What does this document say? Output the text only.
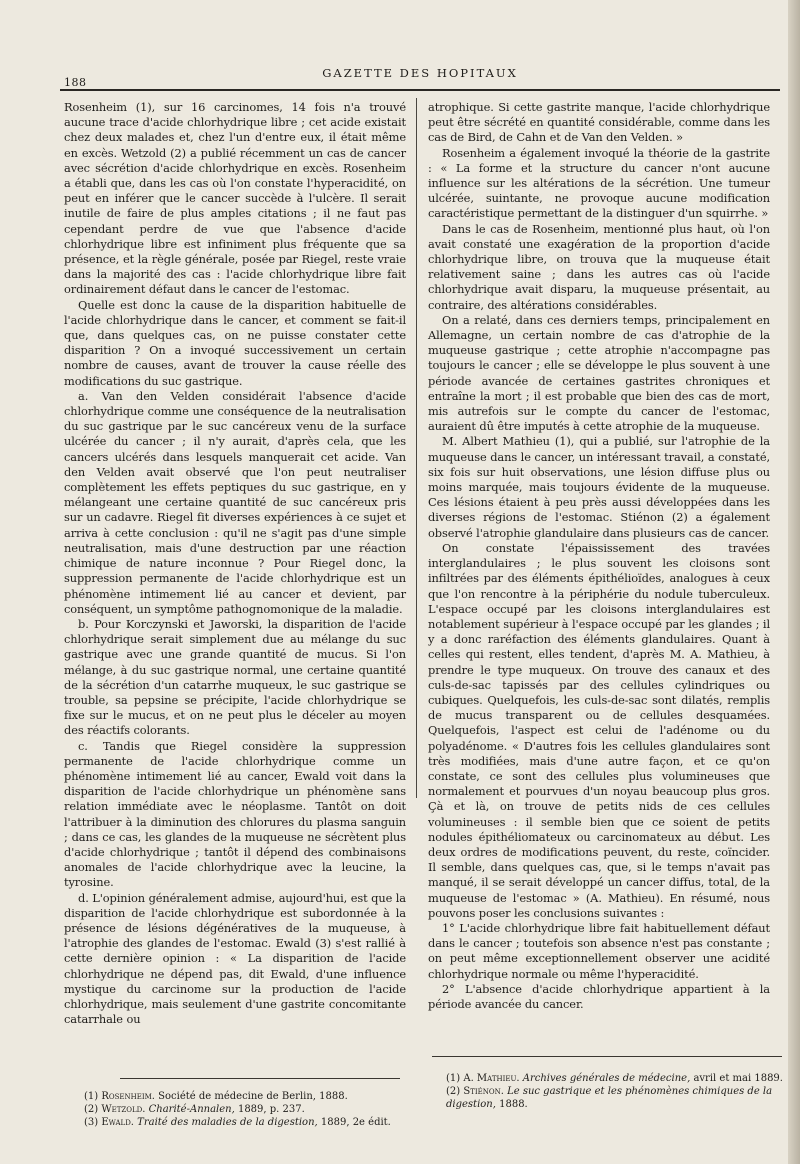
188
GAZETTE DES HOPITAUX

Rosenheim (1), sur 16 carcinomes, 14 fois n'a trouvé aucune trace d'acide chlorhydrique libre ; cet acide existait chez deux malades et, chez l'un d'entre eux, il était même en excès. Wetzold (2) a publié récemment un cas de cancer avec sécrétion d'acide chlorhydrique en excès. Rosenheim a établi que, dans les cas où l'on constate l'hyperacidité, on peut en inférer que le cancer succède à l'ulcère. Il serait inutile de faire de plus amples citations ; il ne faut pas cependant perdre de vue que l'absence d'acide chlorhydrique libre est infiniment plus fréquente que sa présence, et la règle générale, posée par Riegel, reste vraie dans la majorité des cas : l'acide chlorhydrique libre fait ordinairement défaut dans le cancer de l'estomac.

Quelle est donc la cause de la disparition habituelle de l'acide chlorhydrique dans le cancer, et comment se fait-il que, dans quelques cas, on ne puisse constater cette disparition ? On a invoqué successivement un certain nombre de causes, avant de trouver la cause réelle des modifications du suc gastrique.

a. Van den Velden considérait l'absence d'acide chlorhydrique comme une conséquence de la neutralisation du suc gastrique par le suc cancéreux venu de la surface ulcérée du cancer ; il n'y aurait, d'après cela, que les cancers ulcérés dans lesquels manquerait cet acide. Van den Velden avait observé que l'on peut neutraliser complètement les effets peptiques du suc gastrique, en y mélangeant une certaine quantité de suc cancéreux pris sur un cadavre. Riegel fit diverses expériences à ce sujet et arriva à cette conclusion : qu'il ne s'agit pas d'une simple neutralisation, mais d'une destruction par une réaction chimique de nature inconnue ? Pour Riegel donc, la suppression permanente de l'acide chlorhydrique est un phénomène intimement lié au cancer et devient, par conséquent, un symptôme pathognomonique de la maladie.

b. Pour Korczynski et Jaworski, la disparition de l'acide chlorhydrique serait simplement due au mélange du suc gastrique avec une grande quantité de mucus. Si l'on mélange, à du suc gastrique normal, une certaine quantité de la sécrétion d'un catarrhe muqueux, le suc gastrique se trouble, sa pepsine se précipite, l'acide chlorhydrique se fixe sur le mucus, et on ne peut plus le déceler au moyen des réactifs colorants.

c. Tandis que Riegel considère la suppression permanente de l'acide chlorhydrique comme un phénomène intimement lié au cancer, Ewald voit dans la disparition de l'acide chlorhydrique un phénomène sans relation immédiate avec le néoplasme. Tantôt on doit l'attribuer à la diminution des chlorures du plasma sanguin ; dans ce cas, les glandes de la muqueuse ne sécrètent plus d'acide chlorhydrique ; tantôt il dépend des combinaisons anomales de l'acide chlorhydrique avec la leucine, la tyrosine.

d. L'opinion généralement admise, aujourd'hui, est que la disparition de l'acide chlorhydrique est subordonnée à la présence de lésions dégénératives de la muqueuse, à l'atrophie des glandes de l'estomac. Ewald (3) s'est rallié à cette dernière opinion : « La disparition de l'acide chlorhydrique ne dépend pas, dit Ewald, d'une influence mystique du carcinome sur la production de l'acide chlorhydrique, mais seulement d'une gastrite concomitante catarrhale ou

atrophique. Si cette gastrite manque, l'acide chlorhydrique peut être sécrété en quantité considérable, comme dans les cas de Bird, de Cahn et de Van den Velden. »

Rosenheim a également invoqué la théorie de la gastrite : « La forme et la structure du cancer n'ont aucune influence sur les altérations de la sécrétion. Une tumeur ulcérée, suintante, ne provoque aucune modification caractéristique permettant de la distinguer d'un squirrhe. »

Dans le cas de Rosenheim, mentionné plus haut, où l'on avait constaté une exagération de la proportion d'acide chlorhydrique libre, on trouva que la muqueuse était relativement saine ; dans les autres cas où l'acide chlorhydrique avait disparu, la muqueuse présentait, au contraire, des altérations considérables.

On a relaté, dans ces derniers temps, principalement en Allemagne, un certain nombre de cas d'atrophie de la muqueuse gastrique ; cette atrophie n'accompagne pas toujours le cancer ; elle se développe le plus souvent à une période avancée de certaines gastrites chroniques et entraîne la mort ; il est probable que bien des cas de mort, mis autrefois sur le compte du cancer de l'estomac, auraient dû être imputés à cette atrophie de la muqueuse.

M. Albert Mathieu (1), qui a publié, sur l'atrophie de la muqueuse dans le cancer, un intéressant travail, a constaté, six fois sur huit observations, une lésion diffuse plus ou moins marquée, mais toujours évidente de la muqueuse. Ces lésions étaient à peu près aussi développées dans les diverses régions de l'estomac. Stiénon (2) a également observé l'atrophie glandulaire dans plusieurs cas de cancer.

On constate l'épaississement des travées interglandulaires ; le plus souvent les cloisons sont infiltrées par des éléments épithélioïdes, analogues à ceux que l'on rencontre à la périphérie du nodule tuberculeux. L'espace occupé par les cloisons interglandulaires est notablement supérieur à l'espace occupé par les glandes ; il y a donc raréfaction des éléments glandulaires. Quant à celles qui restent, elles tendent, d'après M. A. Mathieu, à prendre le type muqueux. On trouve des canaux et des culs-de-sac tapissés par des cellules cylindriques ou cubiques. Quelquefois, les culs-de-sac sont dilatés, remplis de mucus transparent ou de cellules desquamées. Quelquefois, l'aspect est celui de l'adénome ou du polyadénome. « D'autres fois les cellules glandulaires sont très modifiées, mais d'une autre façon, et ce qu'on constate, ce sont des cellules plus volumineuses que normalement et pourvues d'un noyau beaucoup plus gros. Çà et là, on trouve de petits nids de ces cellules volumineuses : il semble bien que ce soient de petits nodules épithéliomateux ou carcinomateux au début. Les deux ordres de modifications peuvent, du reste, coïncider. Il semble, dans quelques cas, que, si le temps n'avait pas manqué, il se serait développé un cancer diffus, total, de la muqueuse de l'estomac » (A. Mathieu). En résumé, nous pouvons poser les conclusions suivantes :

1° L'acide chlorhydrique libre fait habituellement défaut dans le cancer ; toutefois son absence n'est pas constante ; on peut même exceptionnellement observer une acidité chlorhydrique normale ou même l'hyperacidité.

2° L'absence d'acide chlorhydrique appartient à la période avancée du cancer.

(1) Rosenheim. Société de médecine de Berlin, 1888.
(2) Wetzold. Charité-Annalen, 1889, p. 237.
(3) Ewald. Traité des maladies de la digestion, 1889, 2e édit.
(1) A. Mathieu. Archives générales de médecine, avril et mai 1889.
(2) Stiénon. Le suc gastrique et les phénomènes chimiques de la digestion, 1888.
